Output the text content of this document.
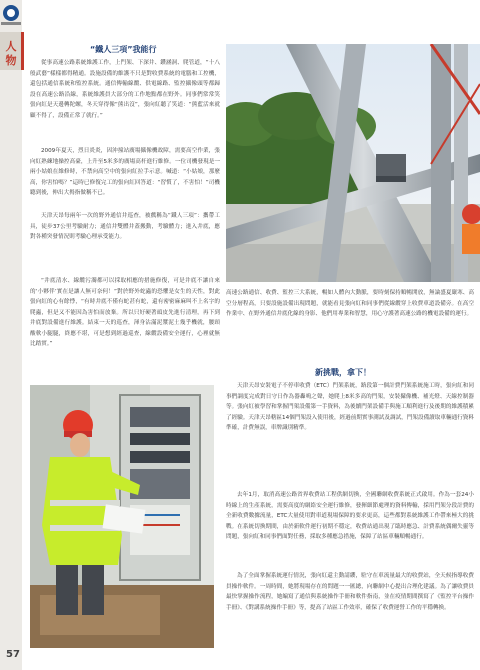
人物
57
“鐵人三項”我能行

從事高速公路系統維護工作，上門架、下深井、鑽涵洞、爬管道，“十八般武藝”樣樣都得精通。設施設備的維護不只是對收費系統的電腦和工控機，還包括通信系統和監控系統。通信傳輸線纜、供電線路、監控攝像頭等都歸設在高速公路沿線，系統維護員大部分的工作地點都在野外。同事們常常笑張向紅是天邊轉陀螺，冬天穿得像“熊出沒”，張向紅聽了笑道：“熊藍活來就顧不得了，設備正常了就行。”

2009年夏天，烈日炎炎，因沖撞站廣場攝像機故障，需要高空作業，張向紅熟練地操控高臺，上升至5米多的廣場高杆進行維修。一位司機發現是一兩小姑娘在維修時，不禁向高空中的張向紅拉手示意。喊道：“小姑娘，那麼高，你害怕嗎？”這時已修復完工的張向紅回答道：“習慣了，不害怕！”司機聽到後，伸出大拇指做稱不已。

天津天昂每兩年一次的野外通信井巡查，被戲稱為“鐵人三項”：攜帶工具，徒步37公里考驗耐力；通信井雙體井蓋搬動，考驗體力；進入井底，應對各種突發情況則考驗心理承受能力。

“井底清水、線纜污濁都可以採取相應的措施修復，可是井底不讓自來的‘小夥伴’實在是讓人無可奈何！”對於野外蛇蟲的恐懼是女生的天性，對此張向紅的心有餘悸，“有時井底不僅有蛇甚有蛇，還有密密麻麻叫不上名字的爬蟲，但是又不能因為害怕而放棄。所以只好硬著頭皮先進行清理，再下到井底對設備進行維護。結束一天的巡查，渾身沾滿泥漿泥土幾乎機就，腰頸酸軟小腿腿，終應不堪，可是想到經過巡查，線纜設備安全運行，心裡就無比踏實。”

高速公路通信、收費、監控三大系統，暢如人體內大動脈，要時刻保持順暢開放，無論盛夏嚴寒、高空分層程高，只要設施設備出現問題，就能看見張向紅和同事們從線纜穿上收費車道設備旁。在高空作業中、在野外通信井底化線的身影、他們用專業和智慧，用心守護著高速公路的機電設備的運行。

新挑戰，拿下！

天津天昂安裝電子不停車收費（ETC）門架系統，路段第一個計費門架系統施工時，張向紅和同事們調度完成對日守日作為器轟鳴之聲，她爬上8米多高的門架，安裝攝像機、補光燈、天線控制器等。張向紅被學習和掌握門架設備第一手資料，為後續門架設備手與施工順利進行及後期的維護積累了經驗。天津天昂轄區14個門架設入使用後，經過前期實事測試及調試，門架設備讀取車輛通行資料準確，計費無誤，車牌識別精準。

去年1月，取消高速公路省界收費站工程供網切換，全國聯網收費系統正式啟用。作為一套24小時線上的生產系統，需要高度的網絡安全運行維修，發揮細節處理的資料傳輸，採用門架分段計費的全新收費數據流量，ETC大量使用對車道現場保障的要求更高，這些都對系統維護工作帶來極大的挑戰。在系統切換期間，由於新軟件運行初期不穩定，收費站通出現了臨時應急、計費系統偶爾失靈等問題，張向紅和同事們面對任務，採取多種應急措施，保障了站區車輛順暢通行。

為了全面掌握系統運行情況，張向紅還主動請纓，駐守在車流量最大的收費站，全天候指導收費員操作軟件。一周時間，她將現場存在的問題一一匯總，向聯網中心提出合理化建議。為了讓收費員最快掌握操作流程，她編寫了通信與系統操作手冊和軟件指南，並在疫情期間撰寫了《監控平台操作手冊》、《對講系統操作手冊》等，提高了站區工作效率，確保了收費運營工作的平穩轉換。
